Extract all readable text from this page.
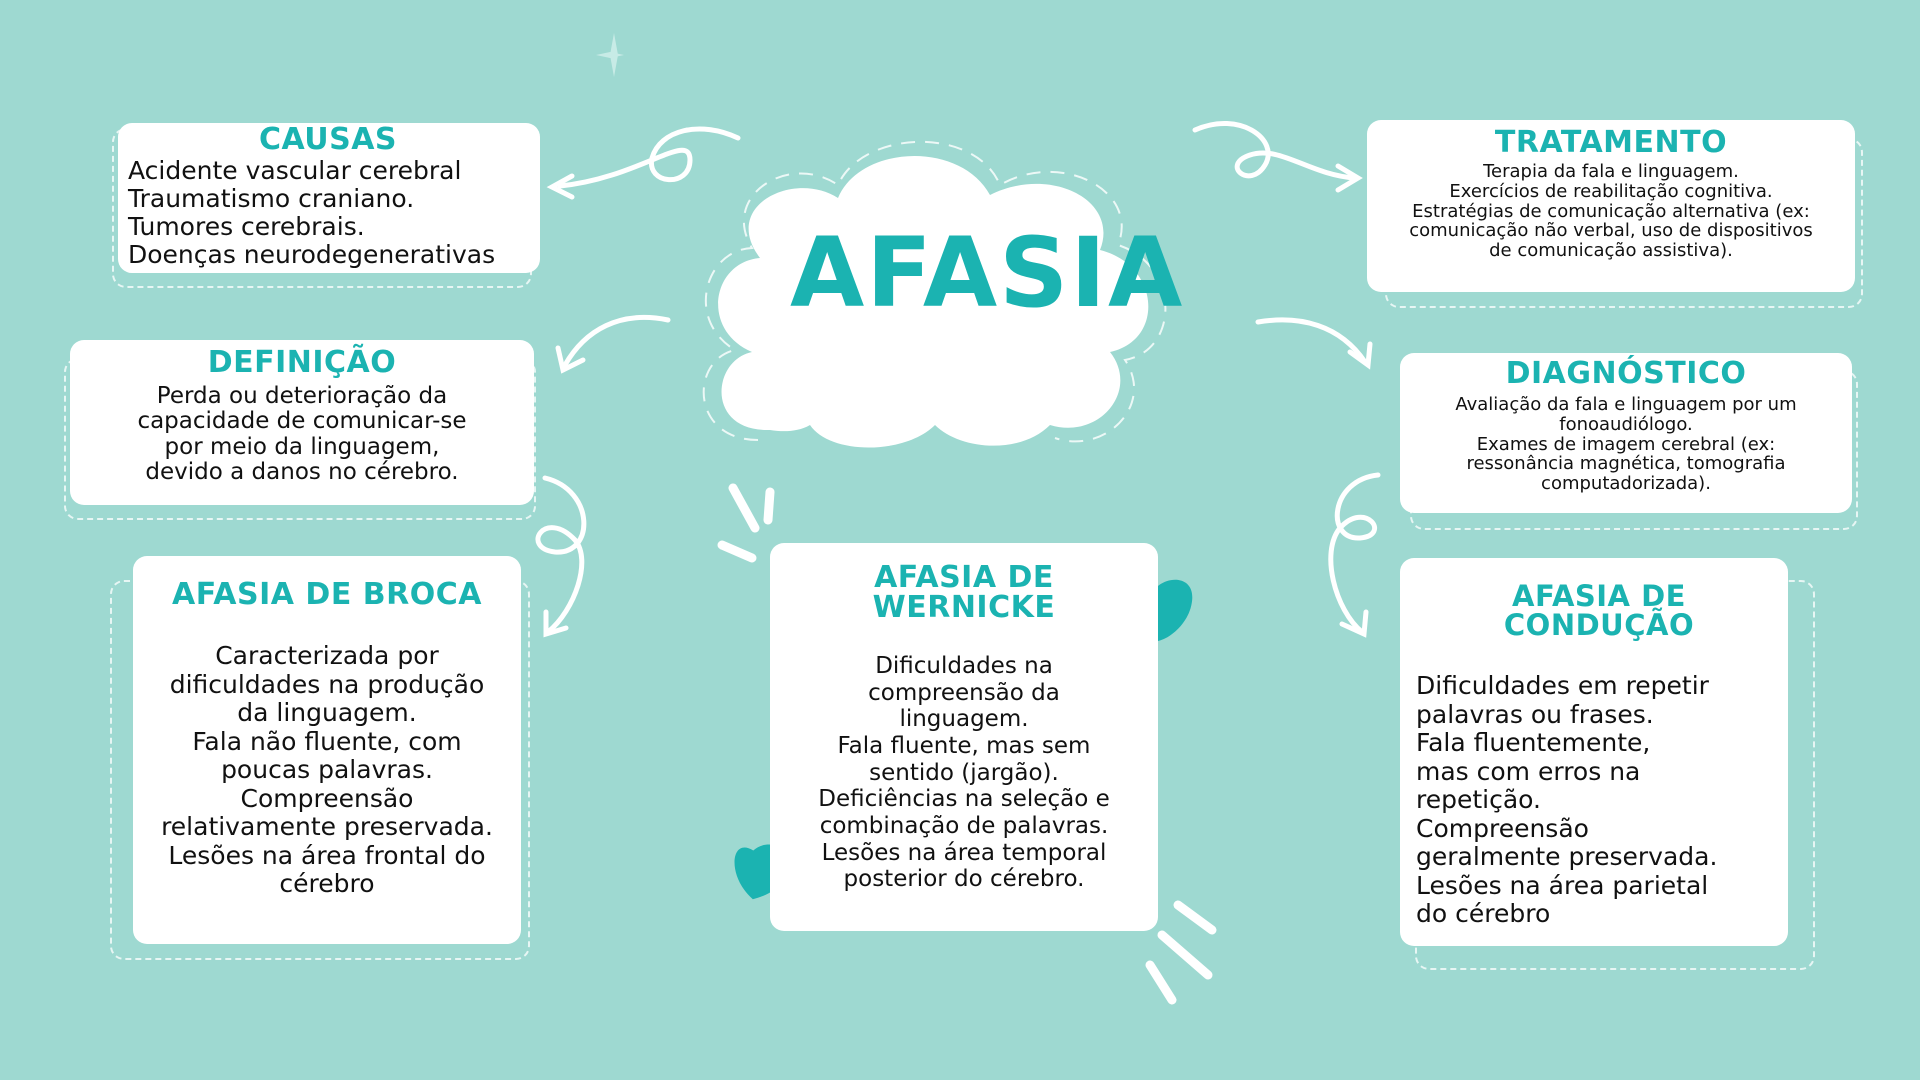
AFASIA
CAUSAS
Acidente vascular cerebral
Traumatismo craniano.
Tumores cerebrais.
Doenças neurodegenerativas
DEFINIÇÃO
Perda ou deterioração da
capacidade de comunicar-se
por meio da linguagem,
devido a danos no cérebro.
AFASIA DE BROCA
Caracterizada por
dificuldades na produção
da linguagem.
Fala não fluente, com
poucas palavras.
Compreensão
relativamente preservada.
Lesões na área frontal do
cérebro
AFASIA DE
WERNICKE
Dificuldades na
compreensão da
linguagem.
Fala fluente, mas sem
sentido (jargão).
Deficiências na seleção e
combinação de palavras.
Lesões na área temporal
posterior do cérebro.
TRATAMENTO
Terapia da fala e linguagem.
Exercícios de reabilitação cognitiva.
Estratégias de comunicação alternativa (ex:
comunicação não verbal, uso de dispositivos
de comunicação assistiva).
DIAGNÓSTICO
Avaliação da fala e linguagem por um
fonoaudiólogo.
Exames de imagem cerebral (ex:
ressonância magnética, tomografia
computadorizada).
AFASIA DE CONDUÇÃO
Dificuldades em repetir
palavras ou frases.
Fala fluentemente,
mas com erros na
repetição.
Compreensão
geralmente preservada.
Lesões na área parietal
do cérebro
